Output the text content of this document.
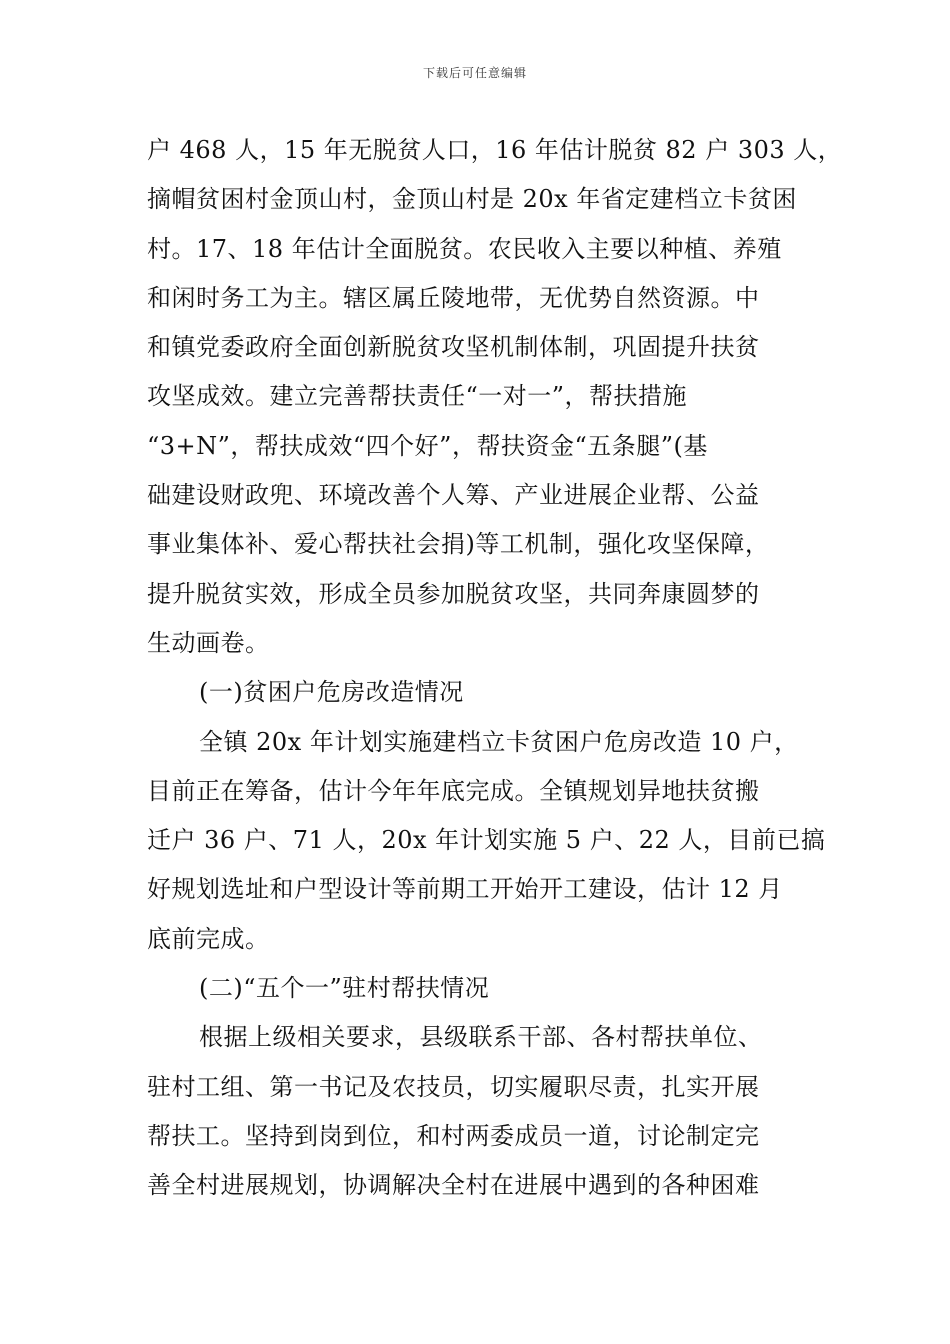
下载后可任意编辑
户 468 人，15 年无脱贫人口，16 年估计脱贫 82 户 303 人，
摘帽贫困村金顶山村，金顶山村是 20x 年省定建档立卡贫困
村。17、18 年估计全面脱贫。农民收入主要以种植、养殖
和闲时务工为主。辖区属丘陵地带，无优势自然资源。中
和镇党委政府全面创新脱贫攻坚机制体制，巩固提升扶贫
攻坚成效。建立完善帮扶责任“一对一”，帮扶措施
“3+N”，帮扶成效“四个好”，帮扶资金“五条腿”(基
础建设财政兜、环境改善个人筹、产业进展企业帮、公益
事业集体补、爱心帮扶社会捐)等工机制，强化攻坚保障，
提升脱贫实效，形成全员参加脱贫攻坚，共同奔康圆梦的
生动画卷。
(一)贫困户危房改造情况
全镇 20x 年计划实施建档立卡贫困户危房改造 10 户，
目前正在筹备，估计今年年底完成。全镇规划异地扶贫搬
迁户 36 户、71 人，20x 年计划实施 5 户、22 人，目前已搞
好规划选址和户型设计等前期工开始开工建设，估计 12 月
底前完成。
(二)“五个一”驻村帮扶情况
根据上级相关要求，县级联系干部、各村帮扶单位、
驻村工组、第一书记及农技员，切实履职尽责，扎实开展
帮扶工。坚持到岗到位，和村两委成员一道，讨论制定完
善全村进展规划，协调解决全村在进展中遇到的各种困难
